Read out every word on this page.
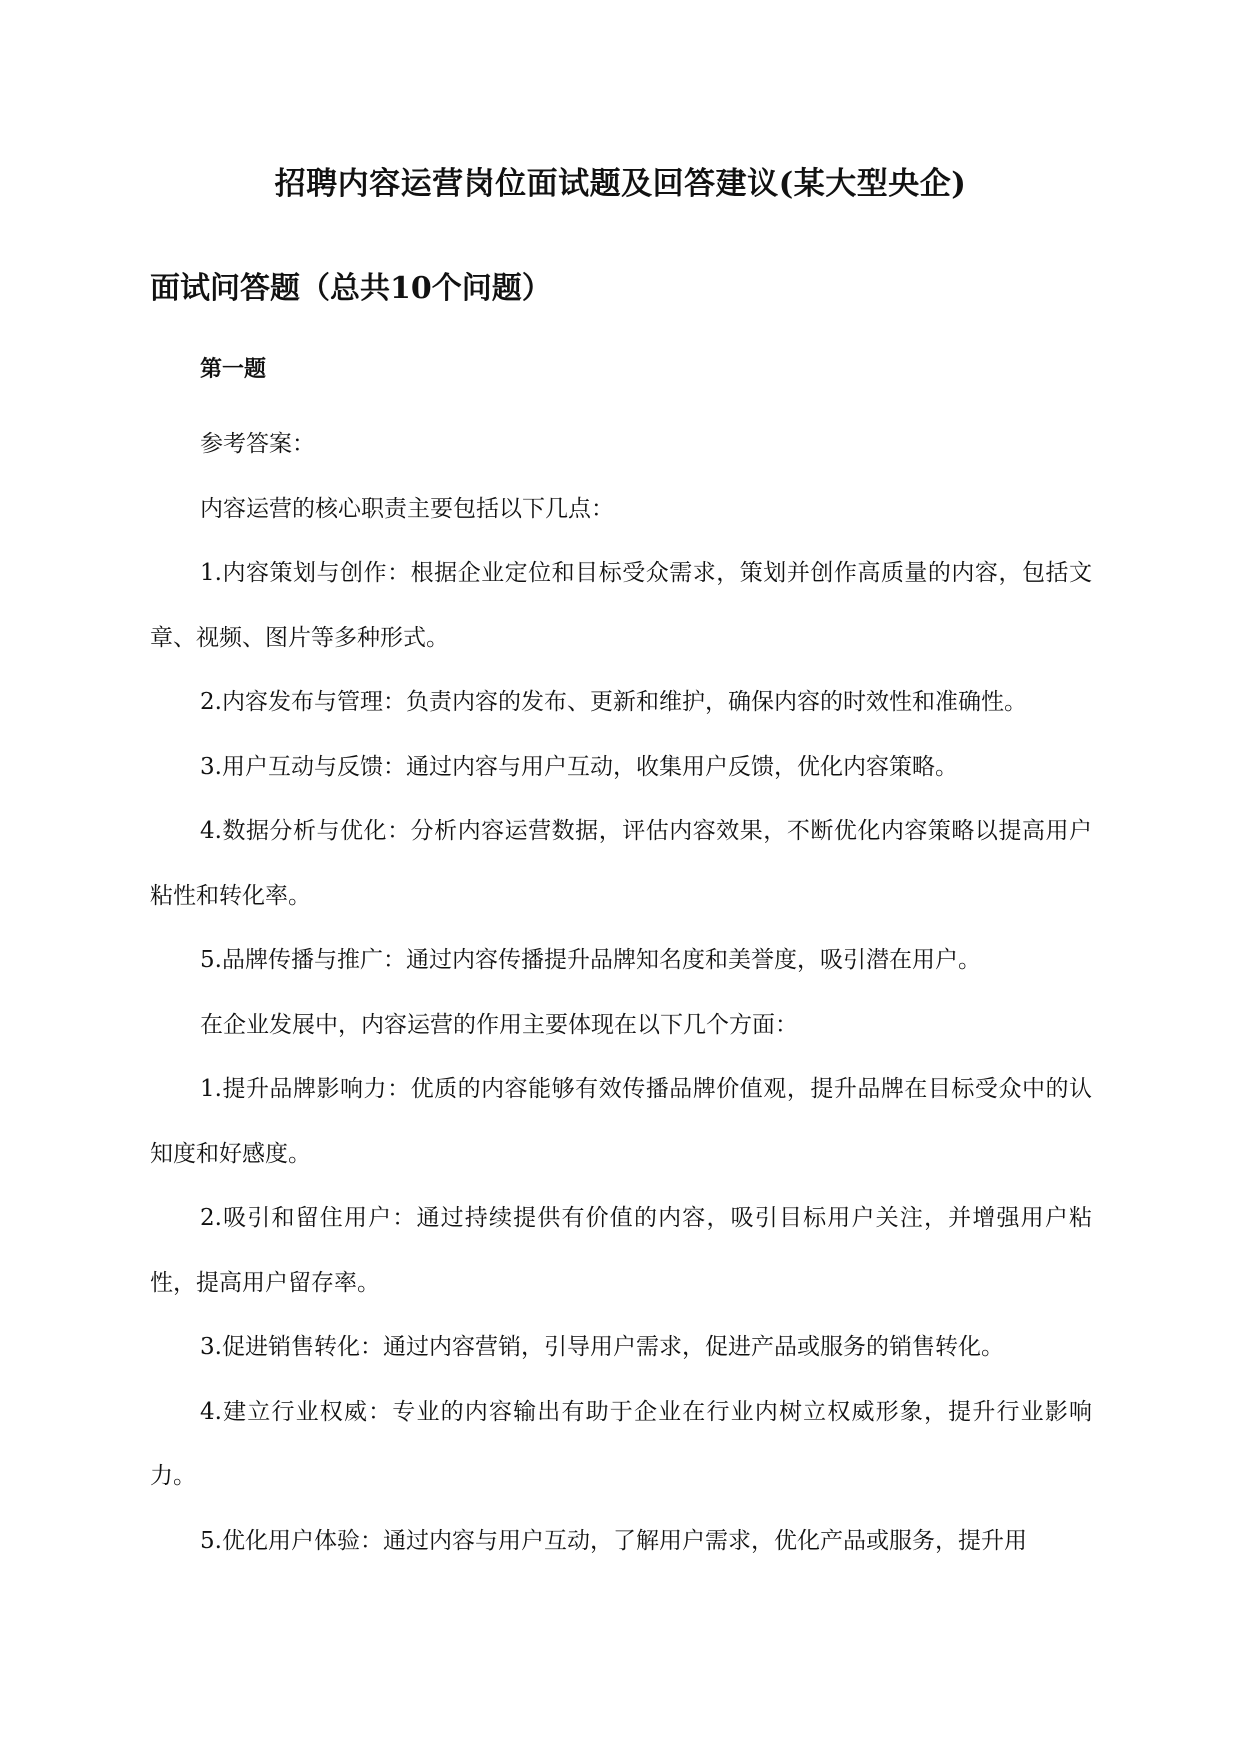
招聘内容运营岗位面试题及回答建议(某大型央企)
面试问答题（总共10个问题）
第一题

参考答案：

内容运营的核心职责主要包括以下几点：

1.内容策划与创作：根据企业定位和目标受众需求，策划并创作高质量的内容，包括文章、视频、图片等多种形式。

2.内容发布与管理：负责内容的发布、更新和维护，确保内容的时效性和准确性。

3.用户互动与反馈：通过内容与用户互动，收集用户反馈，优化内容策略。

4.数据分析与优化：分析内容运营数据，评估内容效果，不断优化内容策略以提高用户粘性和转化率。

5.品牌传播与推广：通过内容传播提升品牌知名度和美誉度，吸引潜在用户。

在企业发展中，内容运营的作用主要体现在以下几个方面：

1.提升品牌影响力：优质的内容能够有效传播品牌价值观，提升品牌在目标受众中的认知度和好感度。

2.吸引和留住用户：通过持续提供有价值的内容，吸引目标用户关注，并增强用户粘性，提高用户留存率。

3.促进销售转化：通过内容营销，引导用户需求，促进产品或服务的销售转化。

4.建立行业权威：专业的内容输出有助于企业在行业内树立权威形象，提升行业影响力。

5.优化用户体验：通过内容与用户互动，了解用户需求，优化产品或服务，提升用
